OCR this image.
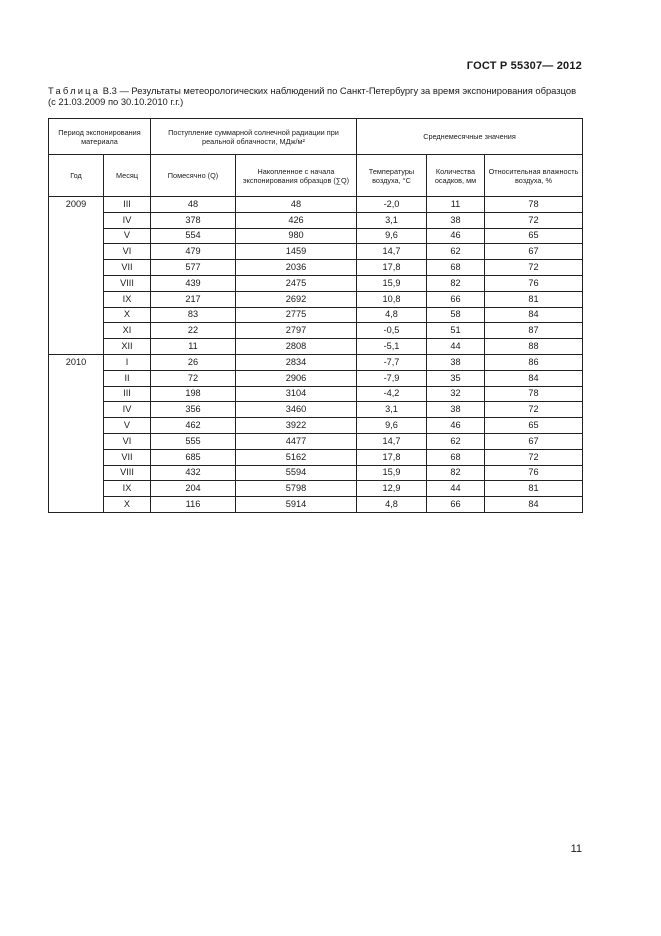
ГОСТ Р 55307— 2012
Таблица В.3 — Результаты метеорологических наблюдений по Санкт-Петербургу за время экспонирования образцов (с 21.03.2009 по 30.10.2010 г.г.)
Период экспонирования материала		Поступление суммарной солнечной радиации при реальной облачности, МДж/м²		Среднемесячные значения		
Год	Месяц	Помесячно (Q)	Накопленное с начала экспонирования образцов (∑Q)	Температуры воздуха, °С	Количества осадков, мм	Относительная влажность воздуха, %
2009	III	48	48	-2,0	11	78
	IV	378	426	3,1	38	72
	V	554	980	9,6	46	65
	VI	479	1459	14,7	62	67
	VII	577	2036	17,8	68	72
	VIII	439	2475	15,9	82	76
	IX	217	2692	10,8	66	81
	X	83	2775	4,8	58	84
	XI	22	2797	-0,5	51	87
	XII	11	2808	-5,1	44	88
2010	I	26	2834	-7,7	38	86
	II	72	2906	-7,9	35	84
	III	198	3104	-4,2	32	78
	IV	356	3460	3,1	38	72
	V	462	3922	9,6	46	65
	VI	555	4477	14,7	62	67
	VII	685	5162	17,8	68	72
	VIII	432	5594	15,9	82	76
	IX	204	5798	12,9	44	81
	X	116	5914	4,8	66	84
11
